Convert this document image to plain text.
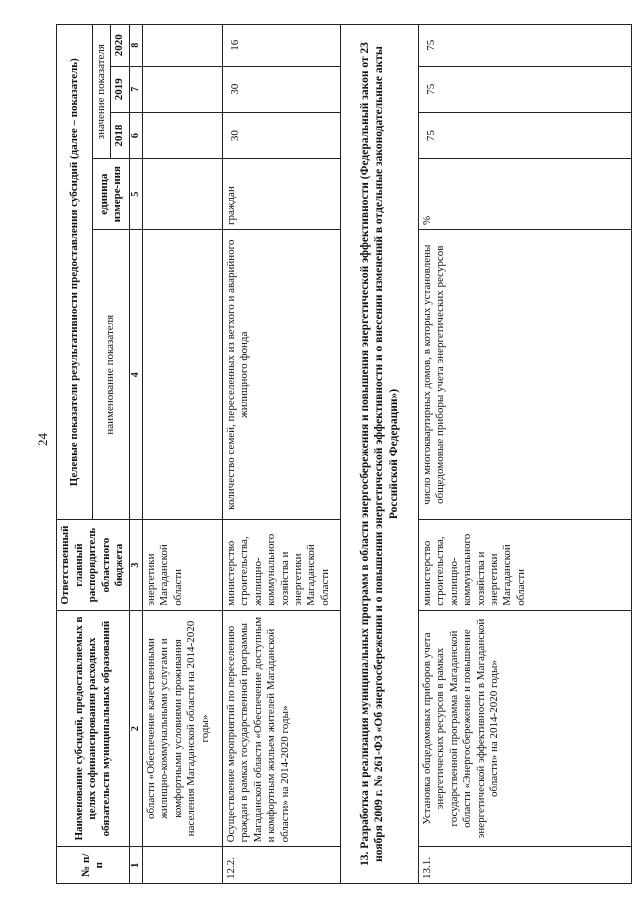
24
№ п/п	Наименование субсидий, предоставляемых в целях софинансирования расходных обязательств муниципальных образований	Ответственный главный распорядитель областного бюджета	Целевые показатели результативности предоставления субсидий (далее – показатель)				
			наименование показателя	единица измере-ния	значение показателя		
					2018	2019	2020
1	2	3	4	5	6	7	8
	области «Обеспечение качественными жилищно-коммунальными услугами и комфортными условиями проживания населения Магаданской области на 2014-2020 годы»	энергетики Магаданской области					
12.2.	Осуществление мероприятий по переселению граждан в рамках государственной программы Магаданской области «Обеспечение доступным и комфортным жильем жителей Магаданской области» на 2014-2020 годы»	министерство строительства, жилищно-коммунального хозяйства и энергетики Магаданской области	количество семей, переселенных из ветхого и аварийного жилищного фонда	граждан	30	30	16
13. Разработка и реализация муниципальных программ в области энергосбережения и повышения энергетической эффективности (Федеральный закон от 23 ноября 2009 г. № 261-ФЗ «Об энергосбережении и о повышении энергетической эффективности и о внесении изменений в отдельные законодательные акты Российской Федерации»)							
13.1.	Установка общедомовых приборов учета энергетических ресурсов в рамках государственной программа Магаданской области «Энергосбережение и повышение энергетической эффективности в Магаданской области» на 2014-2020 годы»	министерство строительства, жилищно-коммунального хозяйства и энергетики Магаданской области	число многоквартирных домов, в которых установлены общедомовые приборы учета энергетических ресурсов	%	75	75	75
